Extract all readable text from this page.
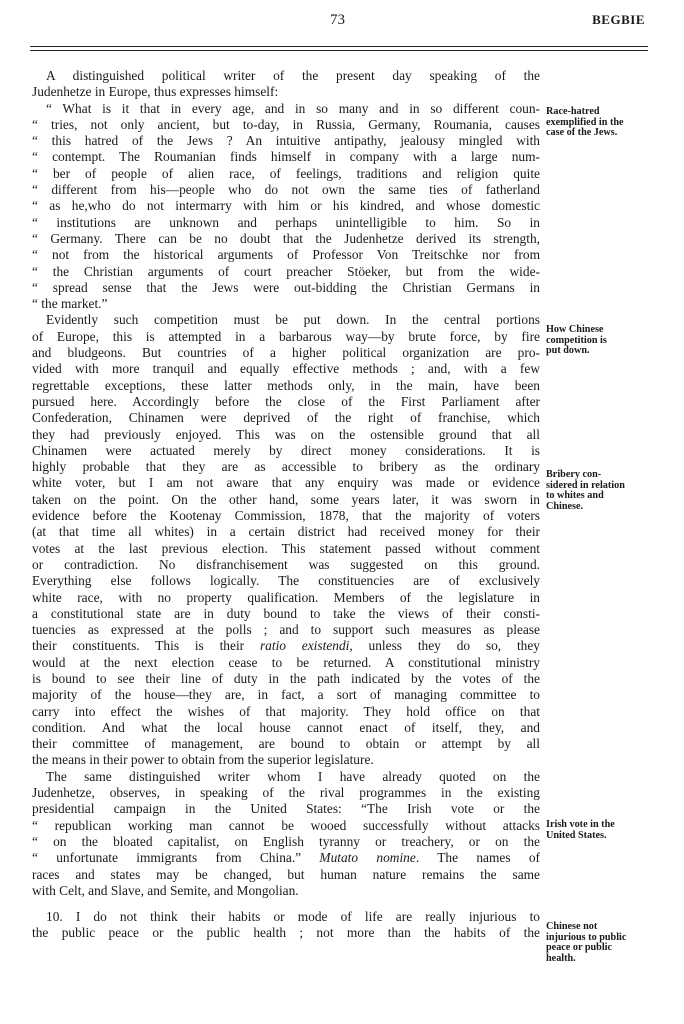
73	BEGBIE
A distinguished political writer of the present day speaking of the
Judenhetze in Europe, thus expresses himself:
“ What is it that in every age, and in so many and in so different coun-
“ tries, not only ancient, but to-day, in Russia, Germany, Roumania, causes
“ this hatred of the Jews ? An intuitive antipathy, jealousy mingled with
“ contempt. The Roumanian finds himself in company with a large num-
“ ber of people of alien race, of feelings, traditions and religion quite
“ different from his—people who do not own the same ties of fatherland
“ as he,who do not intermarry with him or his kindred, and whose domestic
“ institutions are unknown and perhaps unintelligible to him. So in
“ Germany. There can be no doubt that the Judenhetze derived its strength,
“ not from the historical arguments of Professor Von Treitschke nor from
“ the Christian arguments of court preacher Stöeker, but from the wide-
“ spread sense that the Jews were out-bidding the Christian Germans in
“ the market.”
Evidently such competition must be put down. In the central portions
of Europe, this is attempted in a barbarous way—by brute force, by fire
and bludgeons. But countries of a higher political organization are pro-
vided with more tranquil and equally effective methods ; and, with a few
regrettable exceptions, these latter methods only, in the main, have been
pursued here. Accordingly before the close of the First Parliament after
Confederation, Chinamen were deprived of the right of franchise, which
they had previously enjoyed. This was on the ostensible ground that all
Chinamen were actuated merely by direct money considerations. It is
highly probable that they are as accessible to bribery as the ordinary
white voter, but I am not aware that any enquiry was made or evidence
taken on the point. On the other hand, some years later, it was sworn in
evidence before the Kootenay Commission, 1878, that the majority of voters
(at that time all whites) in a certain district had received money for their
votes at the last previous election. This statement passed without comment
or contradiction. No disfranchisement was suggested on this ground.
Everything else follows logically. The constituencies are of exclusively
white race, with no property qualification. Members of the legislature in
a constitutional state are in duty bound to take the views of their consti-
tuencies as expressed at the polls ; and to support such measures as please
their constituents. This is their ratio existendi, unless they do so, they
would at the next election cease to be returned. A constitutional ministry
is bound to see their line of duty in the path indicated by the votes of the
majority of the house—they are, in fact, a sort of managing committee to
carry into effect the wishes of that majority. They hold office on that
condition. And what the local house cannot enact of itself, they, and
their committee of management, are bound to obtain or attempt by all
the means in their power to obtain from the superior legislature.
The same distinguished writer whom I have already quoted on the
Judenhetze, observes, in speaking of the rival programmes in the existing
presidential campaign in the United States: “The Irish vote or the
“ republican working man cannot be wooed successfully without attacks
“ on the bloated capitalist, on English tyranny or treachery, or on the
“ unfortunate immigrants from China.” Mutato nomine. The names of
races and states may be changed, but human nature remains the same
with Celt, and Slave, and Semite, and Mongolian.
10. I do not think their habits or mode of life are really injurious to
the public peace or the public health ; not more than the habits of the
Race-hatred
exemplified in the
case of the Jews.
How Chinese
competition is
put down.
Bribery con-
sidered in relation
to whites and
Chinese.
Irish vote in the
United States.
Chinese not
injurious to public
peace or public
health.
